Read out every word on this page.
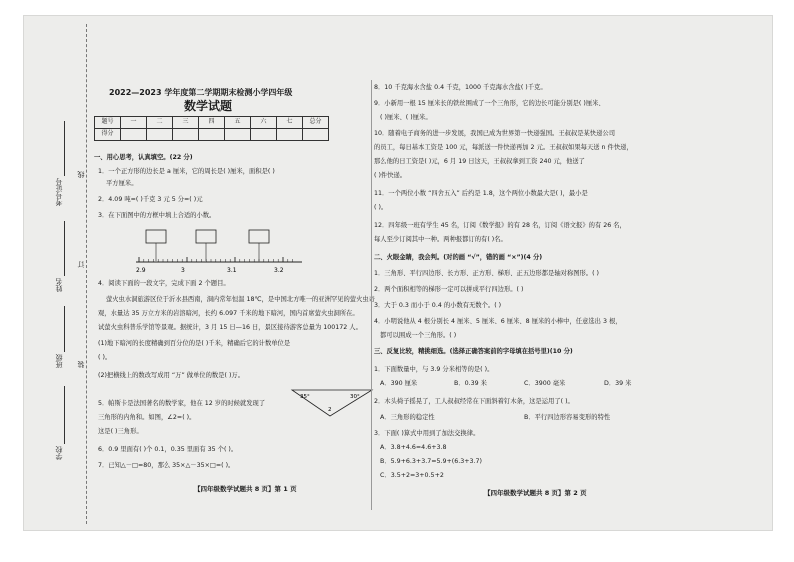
考号证号
姓名
班级
学校
线
订
装
2022—2023 学年度第二学期期末检测小学四年级
数学试题
题号	一	二	三	四	五	六	七	总分
得分								
一、用心思考，认真填空。(22 分)
1．一个正方形的边长是 a 厘米，它的周长是( )厘米，面积是( )
平方厘米。
2．4.09 吨=( )千克 3 元 5 分=( )元
3．在下面图中的方框中填上合适的小数。
2.9	3	3.1	3.2
4．阅读下面的一段文字，完成下面 2 个题目。
萤火虫水洞旅游区位于沂水县西南，洞内常年恒温 18℃，是中国北方唯一的亚洲罕见的萤火虫奇
观，水量达 35 万立方米的岩溶暗河，长约 6.097 千米的地下暗河，国内首席萤火虫洞所在。
试萤火虫科普乐学馆等景观。据统计，3 月 15 日—16 日，景区接待游客总量为 100172 人。
(1)地下暗河的长度精确到百分位的是( )千米，精确后它的计数单位是
( )。
(2)把横线上的数改写成用 “万” 做单位的数是( )万。
5．帕斯卡是法国著名的数学家，他在 12 岁的时候就发现了
三角形的内角和。如图，∠2=( )。
这是( )三角形。
35°	30°
2
6．0.9 里面有( )个 0.1，0.35 里面有 35 个( )。
7．已知△－□=80，那么 35×△－35×□=( )。
【四年级数学试题共 8 页】第 1 页
8．10 千克海水含盐 0.4 千克，1000 千克海水含盐( )千克。
9．小新用一根 15 厘米长的铁丝围成了一个三角形，它的边长可能分别是( )厘米、
( )厘米、( )厘米。
10．随着电子商务的进一步发展，我国已成为世界第一快递强国。王叔叔是某快递公司
的员工，每日基本工资是 100 元，每派送一件快递再加 2 元。王叔叔如果每天送 n 件快递，
那么他的日工资是( )元，6 月 19 日这天，王叔叔拿到工资 240 元，他送了
( )件快递。
11．一个两位小数 “四舍五入” 后约是 1.8，这个两位小数最大是( )，最小是
( )。
12．四年级一班有学生 45 名，订阅《数学报》的有 28 名，订阅《语文报》的有 26 名，
每人至少订阅其中一种。两种报都订的有( )名。
二、火眼金睛，我会判。(对的画 “√”，错的画 “×”)(4 分)
1．三角形、平行四边形、长方形、正方形、梯形、正五边形都是轴对称图形。( )
2．两个面积相等的梯形一定可以拼成平行四边形。( )
3．大于 0.3 而小于 0.4 的小数有无数个。( )
4．小明说他从 4 根分别长 4 厘米、5 厘米、6 厘米、8 厘米的小棒中，任意选出 3 根，
都可以围成一个三角形。( )
三、反复比较，精挑细选。(选择正确答案前的字母填在括号里)(10 分)
1．下面数量中，与 3.9 分米相等的是( )。
A．390 厘米	B．0.39 米	C．3900 毫米	D．39 米
2．木头椅子摇晃了，工人叔叔经常在下面斜着钉木条，这是运用了( )。
A．三角形的稳定性	B．平行四边形容易变形的特性
3．下面( )算式中用到了加法交换律。
A．3.8+4.6=4.6+3.8
B．5.9+6.3+3.7=5.9+(6.3+3.7)
C．3.5+2=3+0.5+2
【四年级数学试题共 8 页】第 2 页
